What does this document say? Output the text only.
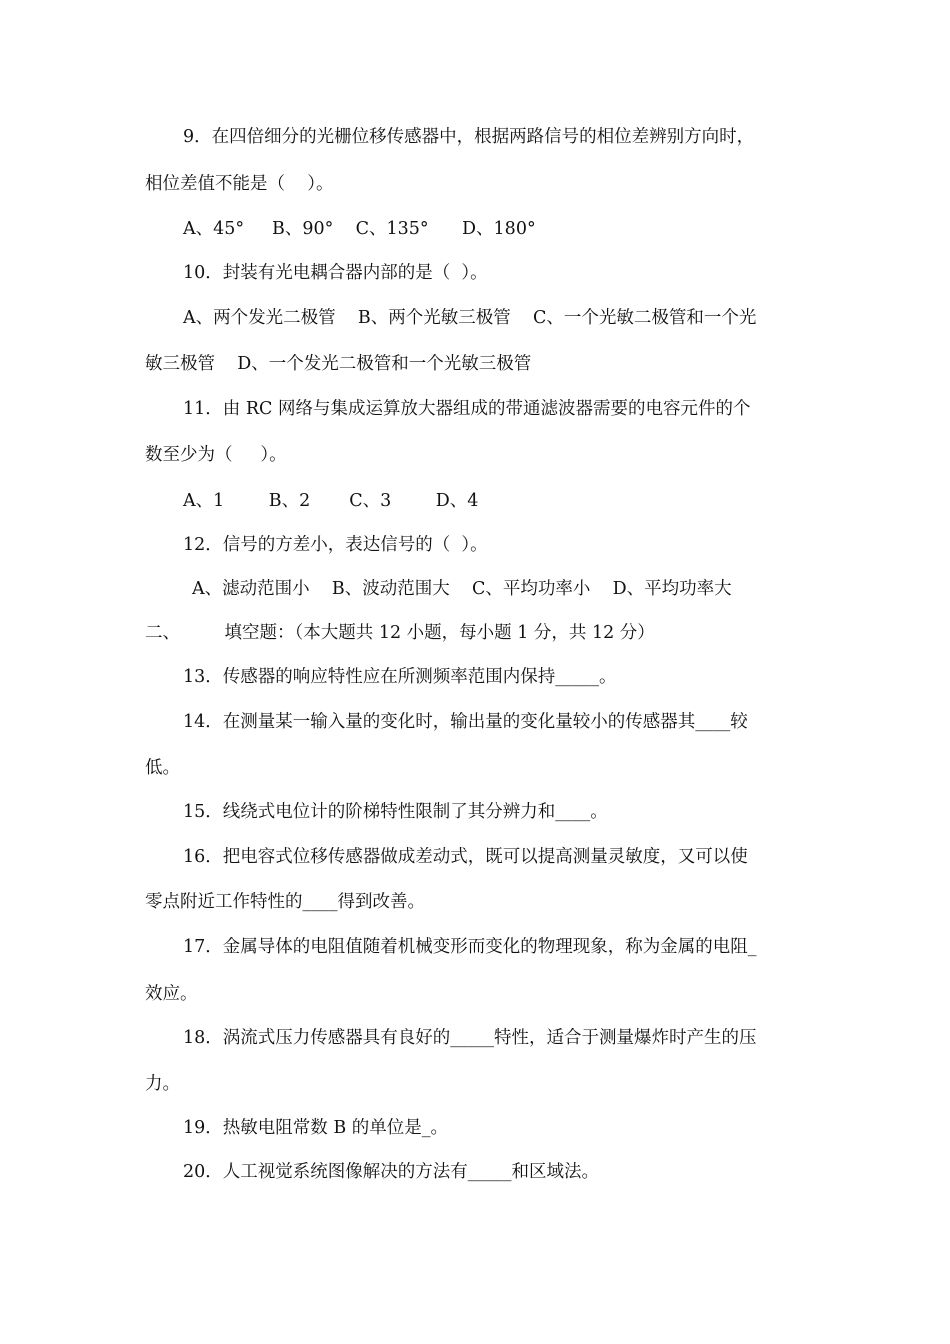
9．在四倍细分的光栅位移传感器中，根据两路信号的相位差辨别方向时，
相位差值不能是（    ）。
A、45°     B、90°    C、135°      D、180°
10．封装有光电耦合器内部的是（  ）。
A、两个发光二极管    B、两个光敏三极管    C、一个光敏二极管和一个光
敏三极管    D、一个发光二极管和一个光敏三极管
11．由 RC 网络与集成运算放大器组成的带通滤波器需要的电容元件的个
数至少为（     ）。
A、1        B、2       C、3        D、4
12．信号的方差小，表达信号的（  ）。
A、滤动范围小    B、波动范围大    C、平均功率小    D、平均功率大
二、        填空题：（本大题共 12 小题，每小题 1 分，共 12 分）
13．传感器的响应特性应在所测频率范围内保持_____。
14．在测量某一输入量的变化时，输出量的变化量较小的传感器其____较
低。
15．线绕式电位计的阶梯特性限制了其分辨力和____。
16．把电容式位移传感器做成差动式，既可以提高测量灵敏度，又可以使
零点附近工作特性的____得到改善。
17．金属导体的电阻值随着机械变形而变化的物理现象，称为金属的电阻_
效应。
18．涡流式压力传感器具有良好的_____特性，适合于测量爆炸时产生的压
力。
19．热敏电阻常数 B 的单位是_。
20．人工视觉系统图像解决的方法有_____和区域法。
